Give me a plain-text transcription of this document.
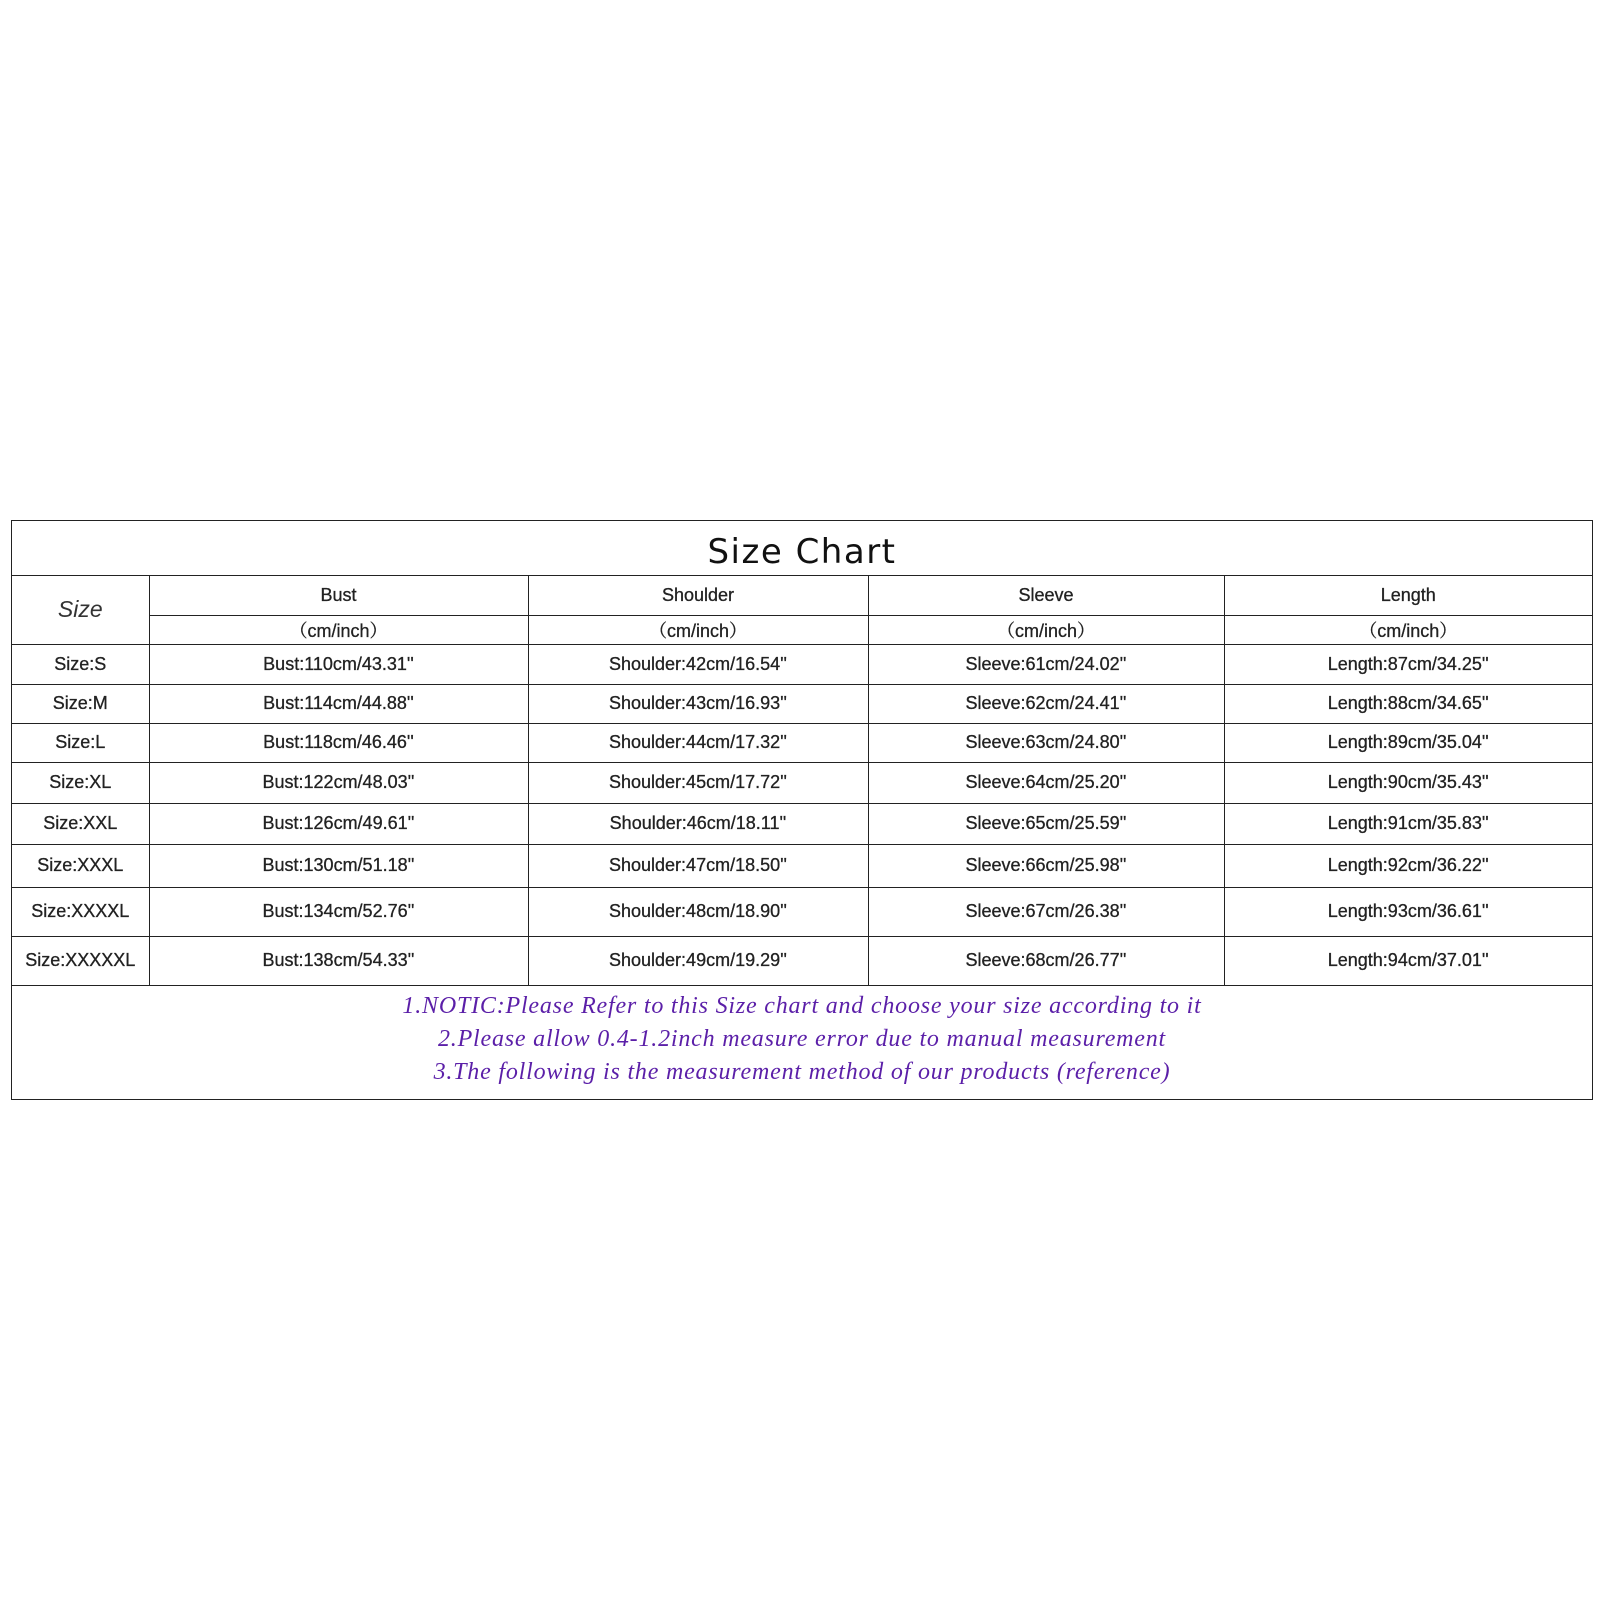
Size Chart
Size	Bust	Shoulder	Sleeve	Length
	（cm/inch）	（cm/inch）	（cm/inch）	（cm/inch）
Size:S	Bust:110cm/43.31''	Shoulder:42cm/16.54''	Sleeve:61cm/24.02''	Length:87cm/34.25''
Size:M	Bust:114cm/44.88''	Shoulder:43cm/16.93''	Sleeve:62cm/24.41''	Length:88cm/34.65''
Size:L	Bust:118cm/46.46''	Shoulder:44cm/17.32''	Sleeve:63cm/24.80''	Length:89cm/35.04''
Size:XL	Bust:122cm/48.03''	Shoulder:45cm/17.72''	Sleeve:64cm/25.20''	Length:90cm/35.43''
Size:XXL	Bust:126cm/49.61''	Shoulder:46cm/18.11''	Sleeve:65cm/25.59''	Length:91cm/35.83''
Size:XXXL	Bust:130cm/51.18''	Shoulder:47cm/18.50''	Sleeve:66cm/25.98''	Length:92cm/36.22''
Size:XXXXL	Bust:134cm/52.76''	Shoulder:48cm/18.90''	Sleeve:67cm/26.38''	Length:93cm/36.61''
Size:XXXXXL	Bust:138cm/54.33''	Shoulder:49cm/19.29''	Sleeve:68cm/26.77''	Length:94cm/37.01''
1.NOTIC:Please Refer to this Size chart and choose your size according to it
2.Please allow 0.4-1.2inch measure error due to manual measurement
3.The following is the measurement method of our products (reference)
